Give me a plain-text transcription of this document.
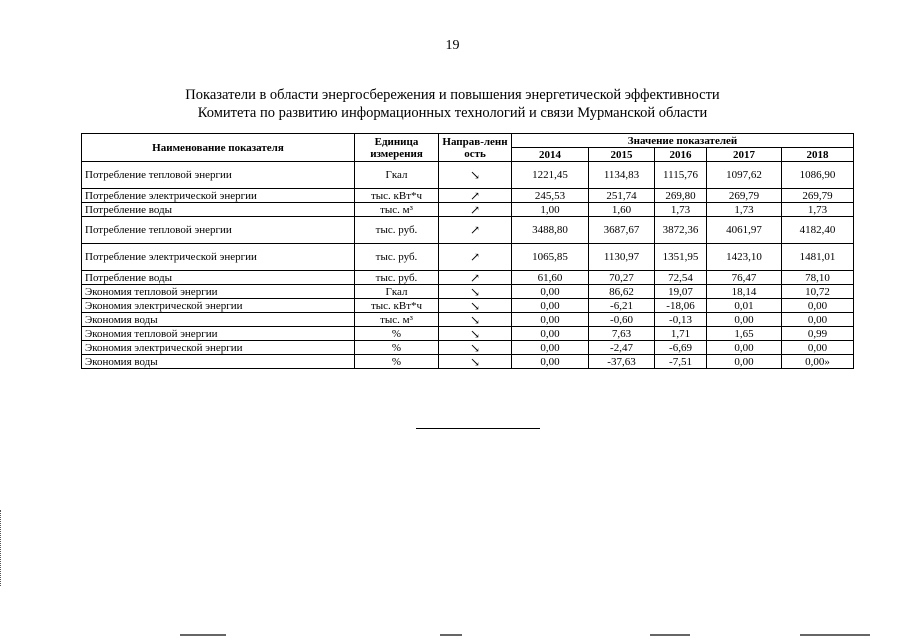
19
Показатели в области энергосбережения и повышения энергетической эффективности
Комитета по развитию информационных технологий и связи Мурманской области
Наименование показателя	Единица измерения	Направ-ленность	Значение показателей				
			2014	2015	2016	2017	2018
Потребление тепловой энергии	Гкал	↘	1221,45	1134,83	1115,76	1097,62	1086,90
Потребление электрической энергии	тыс. кВт*ч	↗	245,53	251,74	269,80	269,79	269,79
Потребление воды	тыс. м³	↗	1,00	1,60	1,73	1,73	1,73
Потребление тепловой энергии	тыс. руб.	↗	3488,80	3687,67	3872,36	4061,97	4182,40
Потребление электрической энергии	тыс. руб.	↗	1065,85	1130,97	1351,95	1423,10	1481,01
Потребление воды	тыс. руб.	↗	61,60	70,27	72,54	76,47	78,10
Экономия тепловой энергии	Гкал	↘	0,00	86,62	19,07	18,14	10,72
Экономия электрической энергии	тыс. кВт*ч	↘	0,00	-6,21	-18,06	0,01	0,00
Экономия воды	тыс. м³	↘	0,00	-0,60	-0,13	0,00	0,00
Экономия тепловой энергии	%	↘	0,00	7,63	1,71	1,65	0,99
Экономия электрической энергии	%	↘	0,00	-2,47	-6,69	0,00	0,00
Экономия воды	%	↘	0,00	-37,63	-7,51	0,00	0,00»
